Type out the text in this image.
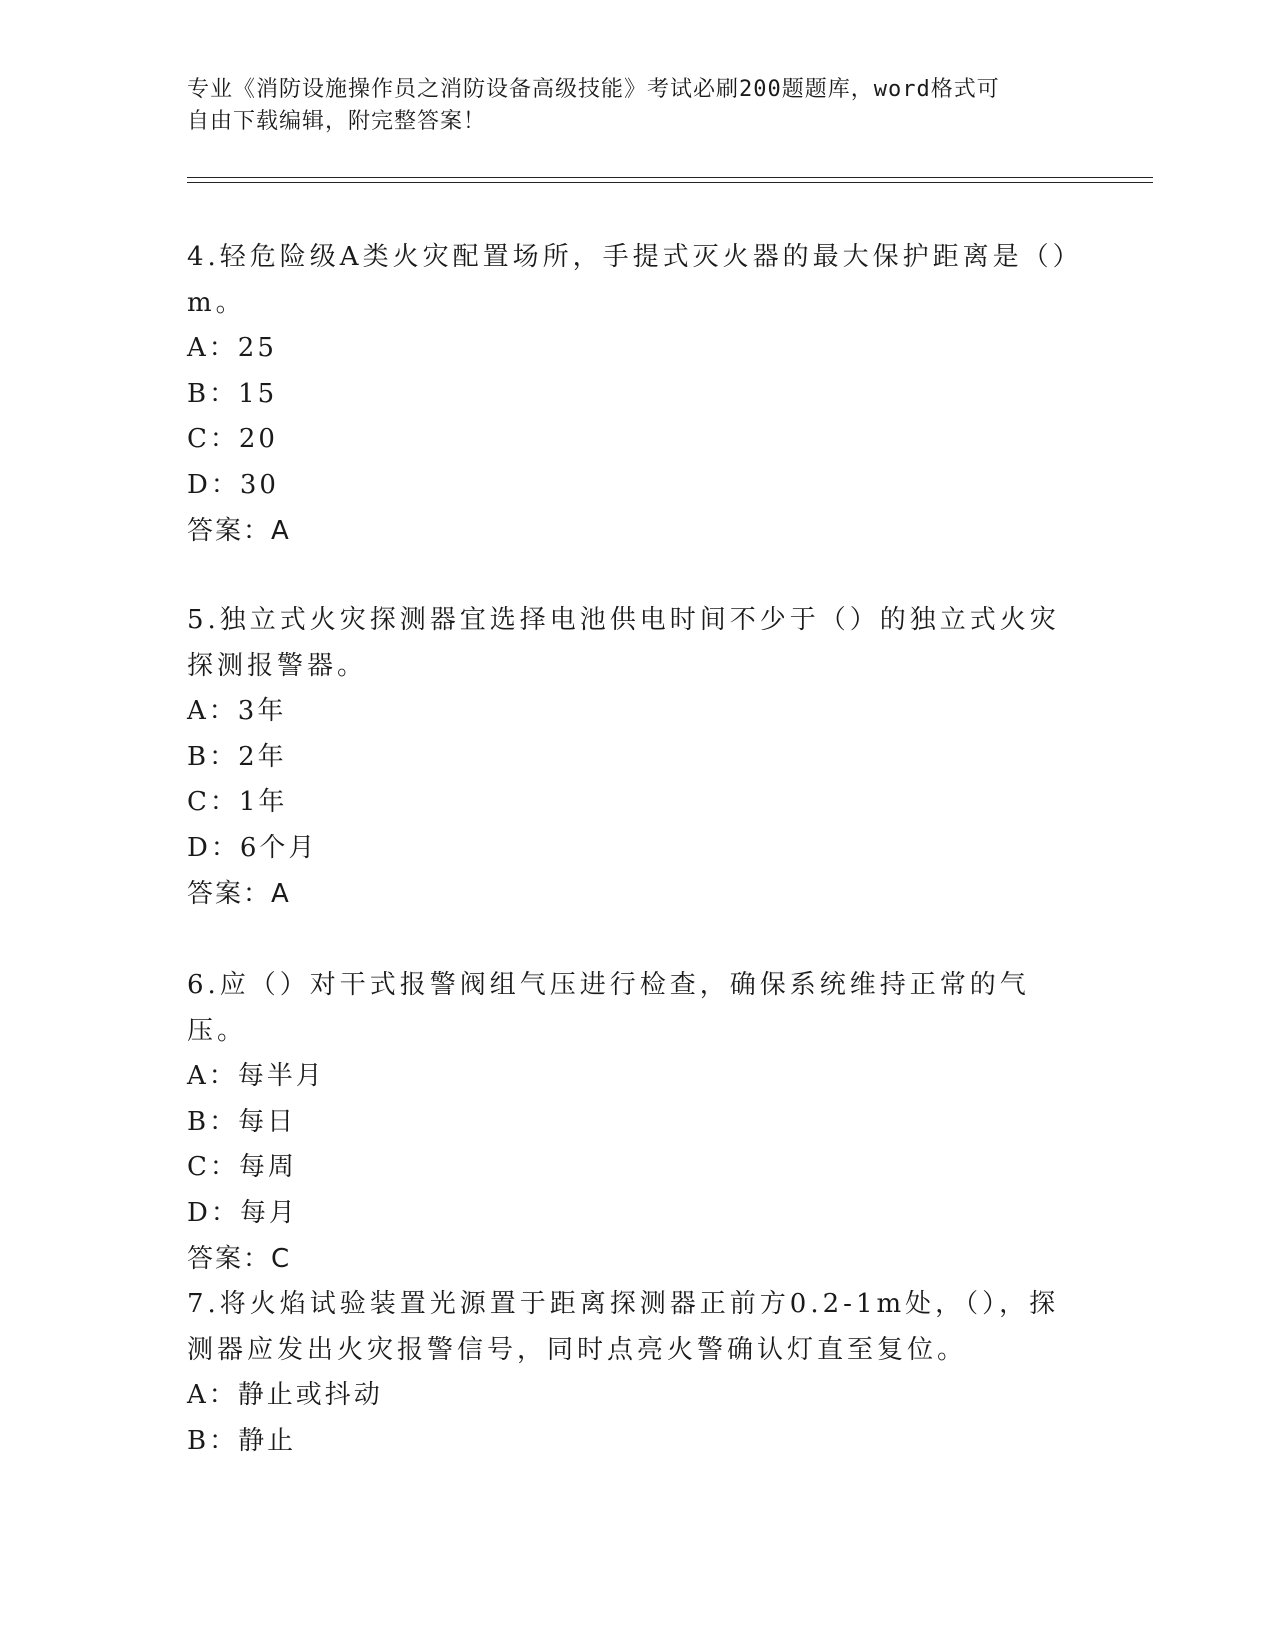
专业《消防设施操作员之消防设备高级技能》考试必刷200题题库，word格式可
自由下载编辑，附完整答案！

4.轻危险级A类火灾配置场所，手提式灭火器的最大保护距离是（）m。

A：25

B：15

C：20

D：30

答案：A

5.独立式火灾探测器宜选择电池供电时间不少于（）的独立式火灾探测报警器。

A：3年

B：2年

C：1年

D：6个月

答案：A

6.应（）对干式报警阀组气压进行检查，确保系统维持正常的气压。

A：每半月

B：每日

C：每周

D：每月

答案：C

7.将火焰试验装置光源置于距离探测器正前方0.2-1m处，（），探测器应发出火灾报警信号，同时点亮火警确认灯直至复位。

A：静止或抖动

B：静止
